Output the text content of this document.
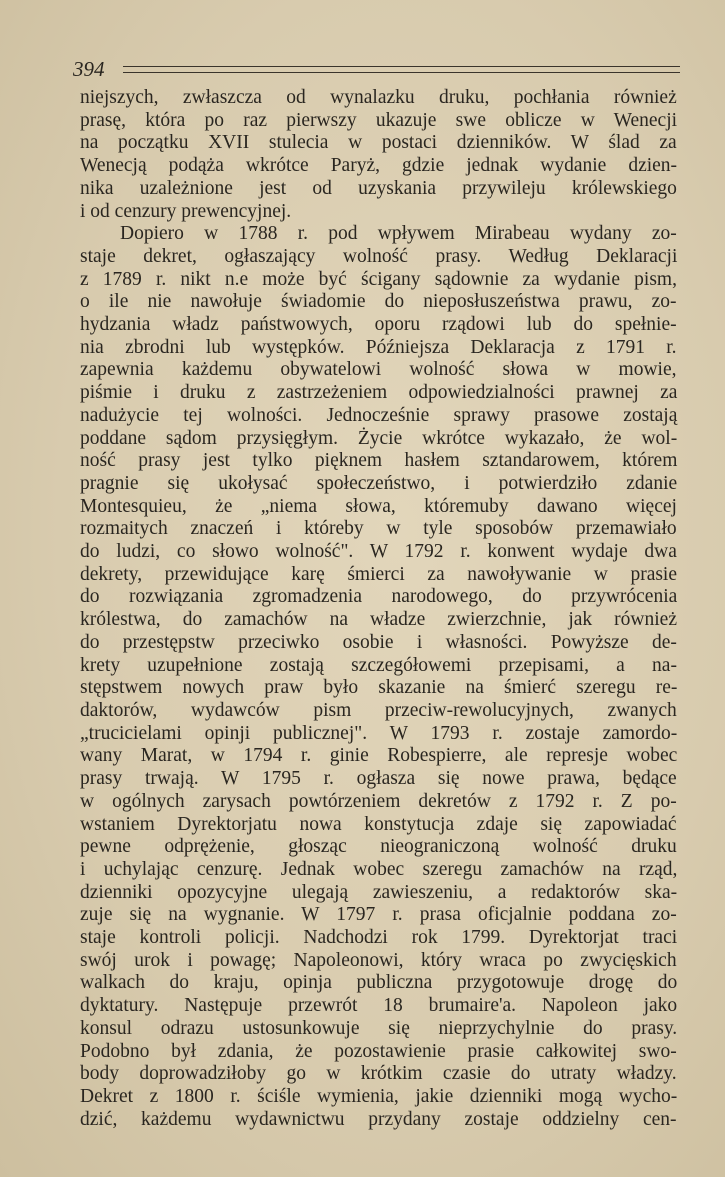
394
niejszych, zwłaszcza od wynalazku druku, pochłania również
prasę, która po raz pierwszy ukazuje swe oblicze w Wenecji
na początku XVII stulecia w postaci dzienników. W ślad za
Wenecją podąża wkrótce Paryż, gdzie jednak wydanie dzien-
nika uzależnione jest od uzyskania przywileju królewskiego
i od cenzury prewencyjnej.
Dopiero w 1788 r. pod wpływem Mirabeau wydany zo-
staje dekret, ogłaszający wolność prasy. Według Deklaracji
z 1789 r. nikt n.e może być ścigany sądownie za wydanie pism,
o ile nie nawołuje świadomie do nieposłuszeństwa prawu, zo-
hydzania władz państwowych, oporu rządowi lub do spełnie-
nia zbrodni lub występków. Późniejsza Deklaracja z 1791 r.
zapewnia każdemu obywatelowi wolność słowa w mowie,
piśmie i druku z zastrzeżeniem odpowiedzialności prawnej za
nadużycie tej wolności. Jednocześnie sprawy prasowe zostają
poddane sądom przysięgłym. Życie wkrótce wykazało, że wol-
ność prasy jest tylko pięknem hasłem sztandarowem, którem
pragnie się ukołysać społeczeństwo, i potwierdziło zdanie
Montesquieu, że „niema słowa, któremuby dawano więcej
rozmaitych znaczeń i któreby w tyle sposobów przemawiało
do ludzi, co słowo wolność". W 1792 r. konwent wydaje dwa
dekrety, przewidujące karę śmierci za nawoływanie w prasie
do rozwiązania zgromadzenia narodowego, do przywrócenia
królestwa, do zamachów na władze zwierzchnie, jak również
do przestępstw przeciwko osobie i własności. Powyższe de-
krety uzupełnione zostają szczegółowemi przepisami, a na-
stępstwem nowych praw było skazanie na śmierć szeregu re-
daktorów, wydawców pism przeciw-rewolucyjnych, zwanych
„trucicielami opinji publicznej". W 1793 r. zostaje zamordo-
wany Marat, w 1794 r. ginie Robespierre, ale represje wobec
prasy trwają. W 1795 r. ogłasza się nowe prawa, będące
w ogólnych zarysach powtórzeniem dekretów z 1792 r. Z po-
wstaniem Dyrektorjatu nowa konstytucja zdaje się zapowiadać
pewne odprężenie, głosząc nieograniczoną wolność druku
i uchylając cenzurę. Jednak wobec szeregu zamachów na rząd,
dzienniki opozycyjne ulegają zawieszeniu, a redaktorów ska-
zuje się na wygnanie. W 1797 r. prasa oficjalnie poddana zo-
staje kontroli policji. Nadchodzi rok 1799. Dyrektorjat traci
swój urok i powagę; Napoleonowi, który wraca po zwycięskich
walkach do kraju, opinja publiczna przygotowuje drogę do
dyktatury. Następuje przewrót 18 brumaire'a. Napoleon jako
konsul odrazu ustosunkowuje się nieprzychylnie do prasy.
Podobno był zdania, że pozostawienie prasie całkowitej swo-
body doprowadziłoby go w krótkim czasie do utraty władzy.
Dekret z 1800 r. ściśle wymienia, jakie dzienniki mogą wycho-
dzić, każdemu wydawnictwu przydany zostaje oddzielny cen-
